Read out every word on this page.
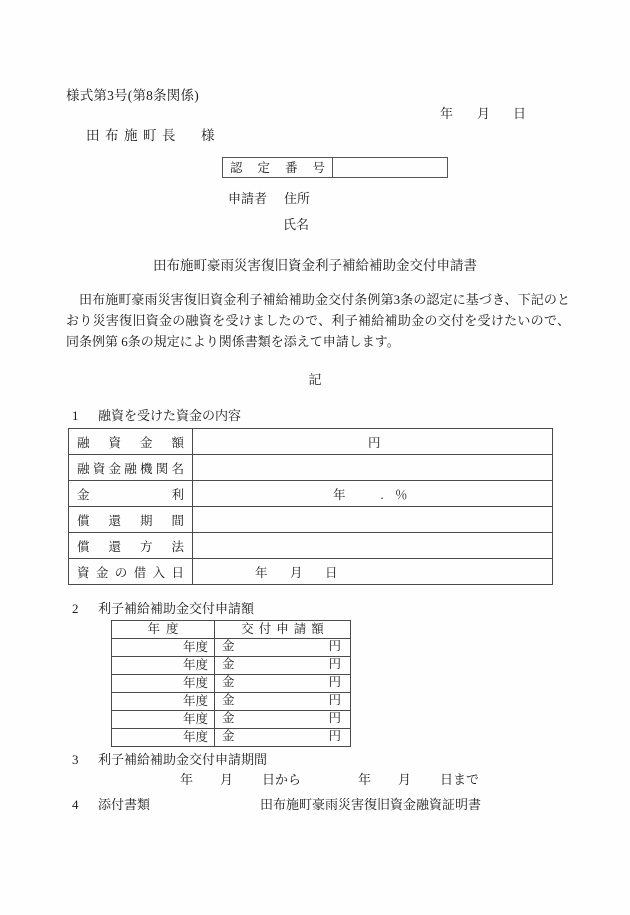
様式第3号(第8条関係)
年 月 日
田布施町長 様
認定番号
申請者 住所
氏名
田布施町豪雨災害復旧資金利子補給補助金交付申請書
田布施町豪雨災害復旧資金利子補給補助金交付条例第3条の認定に基づき、下記のとおり災害復旧資金の融資を受けましたので、利子補給補助金の交付を受けたいので、同条例第 6条の規定により関係書類を添えて申請します。
記
1 融資を受けた資金の内容
融資金額	円

融資金融機関名	
金利	年 . ％

償還期間	
償還方法	
資金の借入日	年 月 日
2 利子補給補助金交付申請額
年度	交付申請額
年度	金 円

年度	金 円

年度	金 円

年度	金 円

年度	金 円

年度	金 円
3 利子補給補助金交付申請期間
年 月 日から	年 月 日まで
4 添付書類	田布施町豪雨災害復旧資金融資証明書
